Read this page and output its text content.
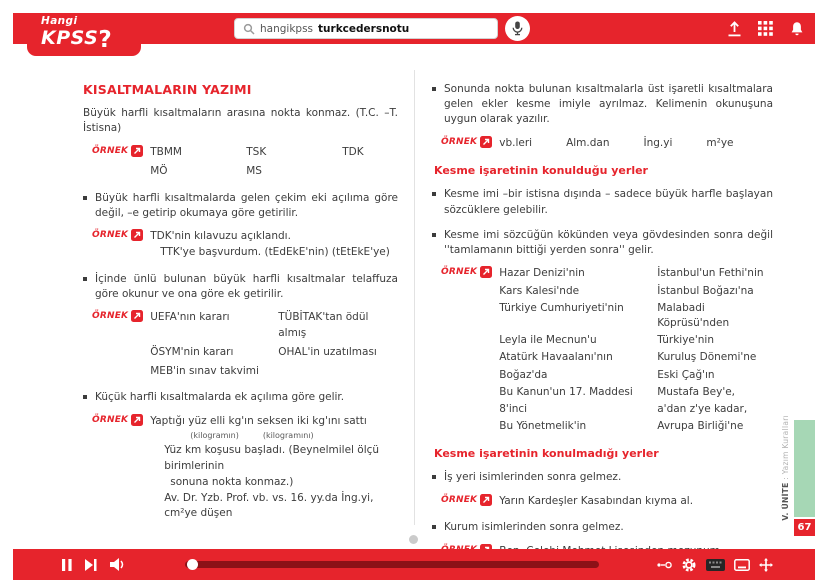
hangikpss turkcedersnotu
Hangi
KPSS?
KISALTMALARIN YAZIMI

Büyük harfli kısaltmaların arasına nokta konmaz. (T.C. –T. İstisna)

ÖRNEK TBMM	TSK	TDK
MÖ	MS

Büyük harfli kısaltmalarda gelen çekim eki açılıma göre değil, –e getirip okumaya göre getirilir.

ÖRNEK TDK'nin kılavuzu açıklandı.
TTK'ye başvurdum. (tEdEkE'nin) (tEtEkE'ye)

İçinde ünlü bulunan büyük harfli kısaltmalar telaffuza göre okunur ve ona göre ek getirilir.

ÖRNEK UEFA'nın kararı	TÜBİTAK'tan ödül almış
ÖSYM'nin kararı	OHAL'in uzatılması
MEB'in sınav takvimi

Küçük harfli kısaltmalarda ek açılıma göre gelir.

ÖRNEK Yaptığı yüz elli kg'ın seksen iki kg'ını sattı
(kilogramın)	(kilogramını)
Yüz km koşusu başladı. (Beynelmilel ölçü birimlerinin
sonuna nokta konmaz.)
Av. Dr. Yzb. Prof. vb. vs. 16. yy.da İng.yi, cm²ye düşen

Sonunda nokta bulunan kısaltmalarla üst işaretli kısaltmalara gelen ekler kesme imiyle ayrılmaz. Kelimenin okunuşuna uygun olarak yazılır.

ÖRNEK vb.leri	Alm.dan	İng.yi	m²ye
Kesme işaretinin konulduğu yerler

Kesme imi –bir istisna dışında – sadece büyük harfle başlayan sözcüklere gelebilir.

Kesme imi sözcüğün kökünden veya gövdesinden sonra değil ''tamlamanın bittiği yerden sonra'' gelir.

ÖRNEK Hazar Denizi'nin	İstanbul'un Fethi'nin
Kars Kalesi'nde	İstanbul Boğazı'na
Türkiye Cumhuriyeti'nin	Malabadi Köprüsü'nden
Leyla ile Mecnun'u	Türkiye'nin
Atatürk Havaalanı'nın	Kuruluş Dönemi'ne
Boğaz'da	Eski Çağ'ın
Bu Kanun'un 17. Maddesi	Mustafa Bey'e,
8'inci	a'dan z'ye kadar,
Bu Yönetmelik'in	Avrupa Birliği'ne
Kesme işaretinin konulmadığı yerler

İş yeri isimlerinden sonra gelmez.

ÖRNEK Yarın Kardeşler Kasabından kıyma al.

Kurum isimlerinden sonra gelmez.

V. ÜNİTE : Yazım Kuralları
67
